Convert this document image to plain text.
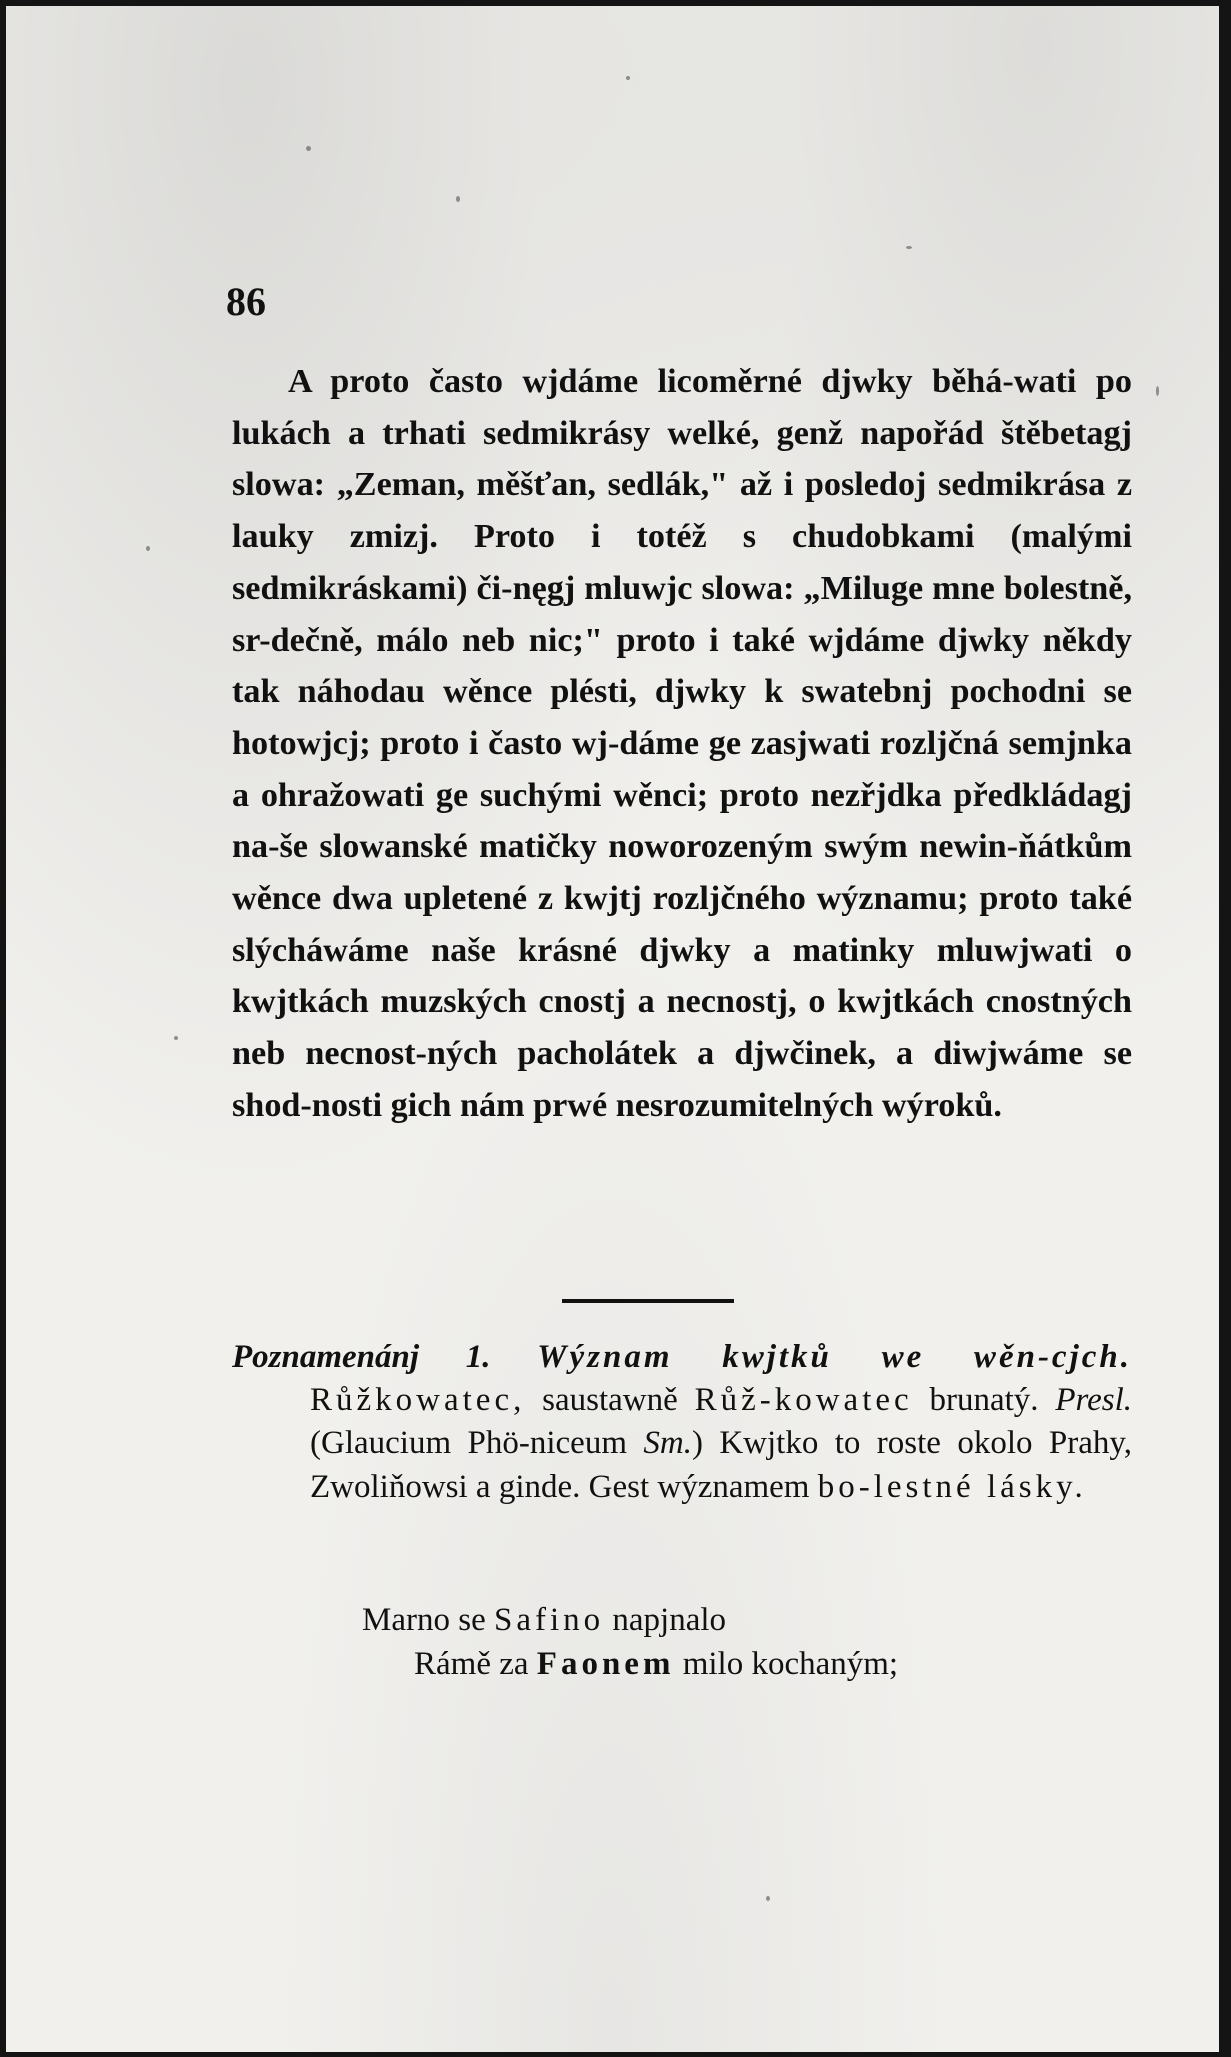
86

A proto často wjdáme licoměrné djwky běhá-wati po lukách a trhati sedmikrásy welké, genž napořád štěbetagj slowa: „Zeman, měšťan, sedlák," až i posledoj sedmikrása z lauky zmizj. Proto i totéž s chudobkami (malými sedmikráskami) či-nęgj mluwjc slowa: „Miluge mne bolestně, sr-dečně, málo neb nic;" proto i také wjdáme djwky někdy tak náhodau wěnce plésti, djwky k swatebnj pochodni se hotowjcj; proto i často wj-dáme ge zasjwati rozljčná semjnka a ohražowati ge suchými wěnci; proto nezřjdka předkládagj na-še slowanské matičky noworozeným swým newin-ňátkům wěnce dwa upletené z kwjtj rozljčného wýznamu; proto také slýcháwáme naše krásné djwky a matinky mluwjwati o kwjtkách muzských cnostj a necnostj, o kwjtkách cnostných neb necnost-ných pacholátek a djwčinek, a diwjwáme se shod-nosti gich nám prwé nesrozumitelných wýroků.

Poznamenánj 1. Wýznam kwjtků we wěn-cjch. Růžkowatec, saustawně Růž-kowatec brunatý. Presl. (Glaucium Phö-niceum Sm.) Kwjtko to roste okolo Prahy, Zwoliňowsi a ginde. Gest wýznamem bo-lestné lásky.

Marno se Safino napjnalo
Rámě za Faonem milo kochaným;
